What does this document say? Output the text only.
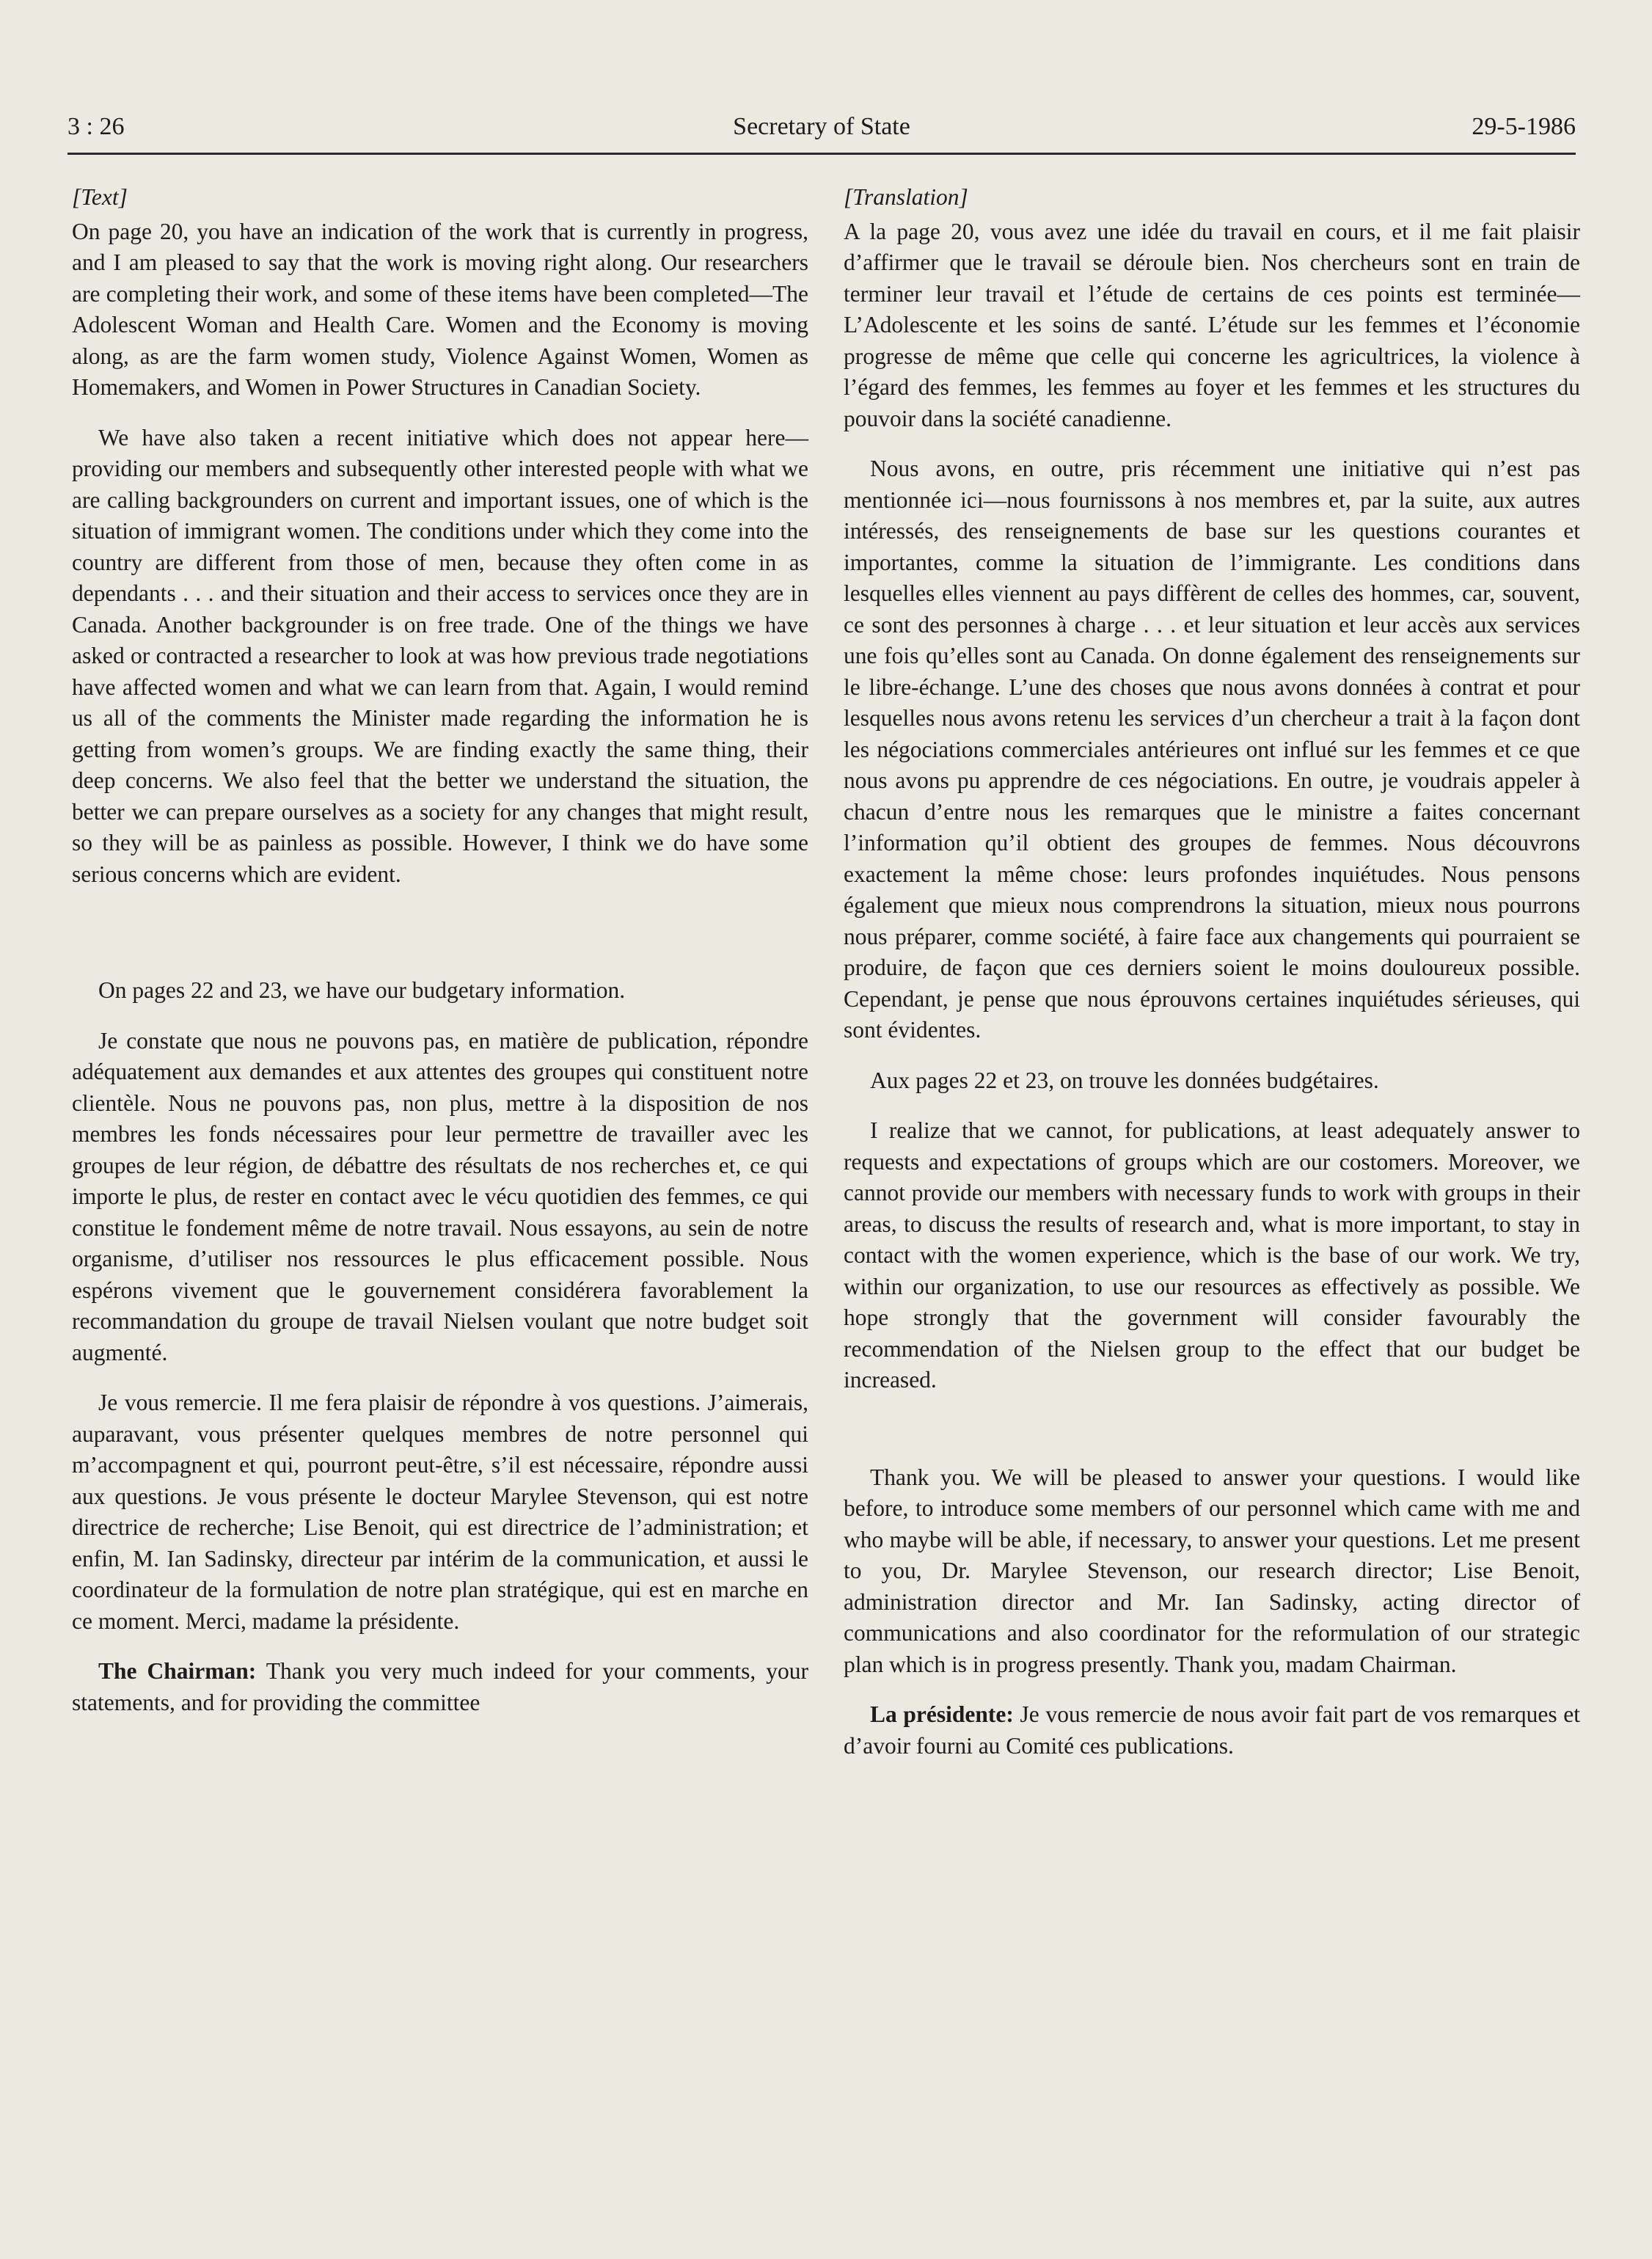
3 : 26	Secretary of State	29-5-1986
[Text]

On page 20, you have an indication of the work that is currently in progress, and I am pleased to say that the work is moving right along. Our researchers are completing their work, and some of these items have been completed—The Adolescent Woman and Health Care. Women and the Economy is moving along, as are the farm women study, Violence Against Women, Women as Homemakers, and Women in Power Structures in Canadian Society.

We have also taken a recent initiative which does not appear here—providing our members and subsequently other interested people with what we are calling backgrounders on current and important issues, one of which is the situation of immigrant women. The conditions under which they come into the country are different from those of men, because they often come in as dependants . . . and their situation and their access to services once they are in Canada. Another backgrounder is on free trade. One of the things we have asked or contracted a researcher to look at was how previous trade negotiations have affected women and what we can learn from that. Again, I would remind us all of the comments the Minister made regarding the information he is getting from women’s groups. We are finding exactly the same thing, their deep concerns. We also feel that the better we understand the situation, the better we can prepare ourselves as a society for any changes that might result, so they will be as painless as possible. However, I think we do have some serious concerns which are evident.

On pages 22 and 23, we have our budgetary information.

Je constate que nous ne pouvons pas, en matière de publication, répondre adéquatement aux demandes et aux attentes des groupes qui constituent notre clientèle. Nous ne pouvons pas, non plus, mettre à la disposition de nos membres les fonds nécessaires pour leur permettre de travailler avec les groupes de leur région, de débattre des résultats de nos recherches et, ce qui importe le plus, de rester en contact avec le vécu quotidien des femmes, ce qui constitue le fondement même de notre travail. Nous essayons, au sein de notre organisme, d’utiliser nos ressources le plus efficacement possible. Nous espérons vivement que le gouvernement considérera favorablement la recommandation du groupe de travail Nielsen voulant que notre budget soit augmenté.

Je vous remercie. Il me fera plaisir de répondre à vos questions. J’aimerais, auparavant, vous présenter quelques membres de notre personnel qui m’accompagnent et qui, pourront peut-être, s’il est nécessaire, répondre aussi aux questions. Je vous présente le docteur Marylee Stevenson, qui est notre directrice de recherche; Lise Benoit, qui est directrice de l’administration; et enfin, M. Ian Sadinsky, directeur par intérim de la communication, et aussi le coordinateur de la formulation de notre plan stratégique, qui est en marche en ce moment. Merci, madame la présidente.

The Chairman: Thank you very much indeed for your comments, your statements, and for providing the committee

[Translation]

A la page 20, vous avez une idée du travail en cours, et il me fait plaisir d’affirmer que le travail se déroule bien. Nos chercheurs sont en train de terminer leur travail et l’étude de certains de ces points est terminée—L’Adolescente et les soins de santé. L’étude sur les femmes et l’économie progresse de même que celle qui concerne les agricultrices, la violence à l’égard des femmes, les femmes au foyer et les femmes et les structures du pouvoir dans la société canadienne.

Nous avons, en outre, pris récemment une initiative qui n’est pas mentionnée ici—nous fournissons à nos membres et, par la suite, aux autres intéressés, des renseignements de base sur les questions courantes et importantes, comme la situation de l’immigrante. Les conditions dans lesquelles elles viennent au pays diffèrent de celles des hommes, car, souvent, ce sont des personnes à charge . . . et leur situation et leur accès aux services une fois qu’elles sont au Canada. On donne également des renseignements sur le libre-échange. L’une des choses que nous avons données à contrat et pour lesquelles nous avons retenu les services d’un chercheur a trait à la façon dont les négociations commerciales antérieures ont influé sur les femmes et ce que nous avons pu apprendre de ces négociations. En outre, je voudrais appeler à chacun d’entre nous les remarques que le ministre a faites concernant l’information qu’il obtient des groupes de femmes. Nous découvrons exactement la même chose: leurs profondes inquiétudes. Nous pensons également que mieux nous comprendrons la situation, mieux nous pourrons nous préparer, comme société, à faire face aux changements qui pourraient se produire, de façon que ces derniers soient le moins douloureux possible. Cependant, je pense que nous éprouvons certaines inquiétudes sérieuses, qui sont évidentes.

Aux pages 22 et 23, on trouve les données budgétaires.

I realize that we cannot, for publications, at least adequately answer to requests and expectations of groups which are our costomers. Moreover, we cannot provide our members with necessary funds to work with groups in their areas, to discuss the results of research and, what is more important, to stay in contact with the women experience, which is the base of our work. We try, within our organization, to use our resources as effectively as possible. We hope strongly that the government will consider favourably the recommendation of the Nielsen group to the effect that our budget be increased.

Thank you. We will be pleased to answer your questions. I would like before, to introduce some members of our personnel which came with me and who maybe will be able, if necessary, to answer your questions. Let me present to you, Dr. Marylee Stevenson, our research director; Lise Benoit, administration director and Mr. Ian Sadinsky, acting director of communications and also coordinator for the reformulation of our strategic plan which is in progress presently. Thank you, madam Chairman.

La présidente: Je vous remercie de nous avoir fait part de vos remarques et d’avoir fourni au Comité ces publications.
